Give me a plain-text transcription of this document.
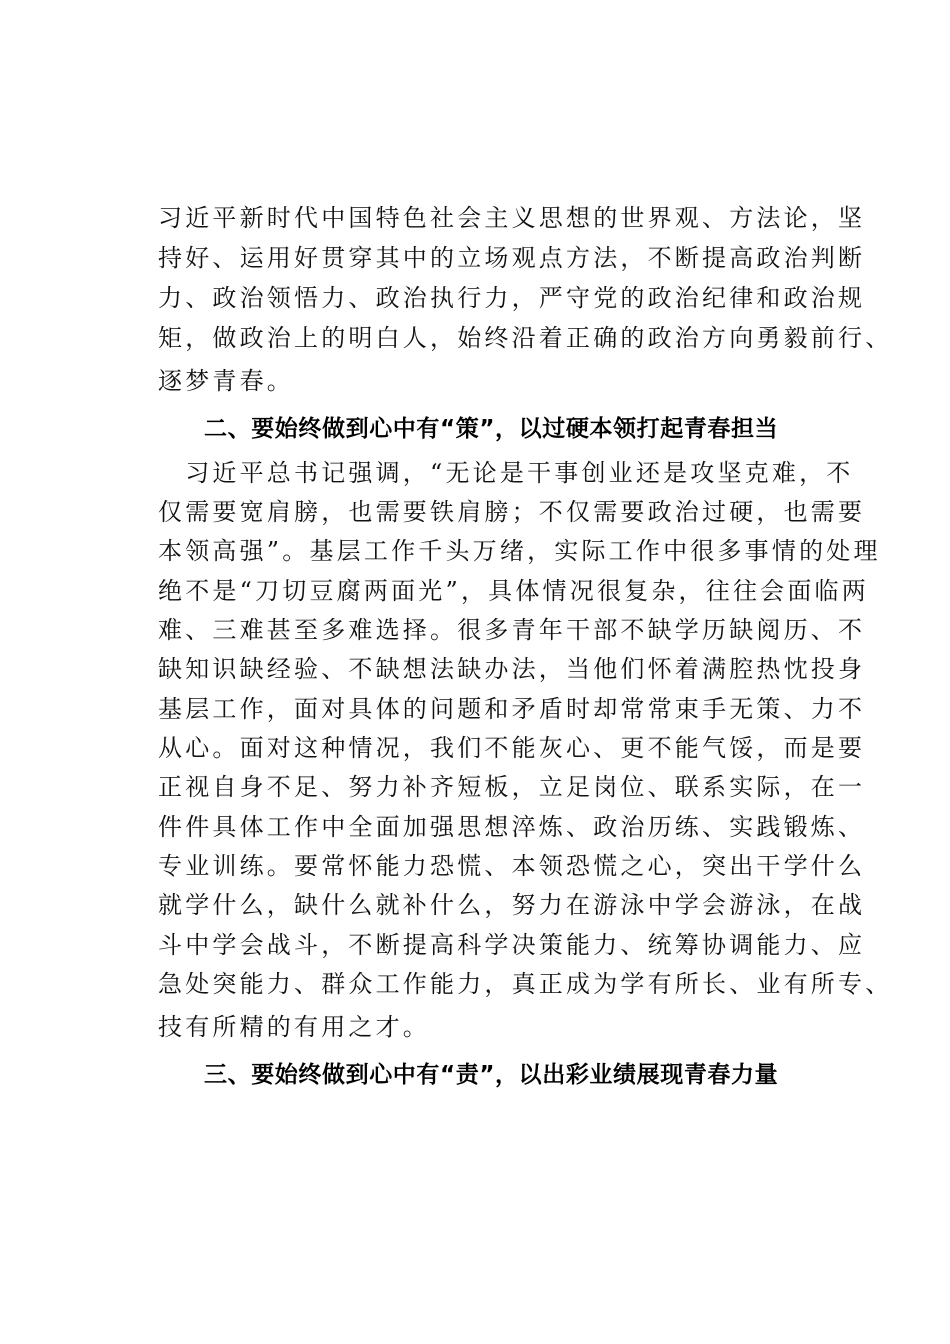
习近平新时代中国特色社会主义思想的世界观、方法论，坚
持好、运用好贯穿其中的立场观点方法，不断提高政治判断
力、政治领悟力、政治执行力，严守党的政治纪律和政治规
矩，做政治上的明白人，始终沿着正确的政治方向勇毅前行、
逐梦青春。
二、要始终做到心中有“策”，以过硬本领打起青春担当
　习近平总书记强调，“无论是干事创业还是攻坚克难，不
仅需要宽肩膀，也需要铁肩膀；不仅需要政治过硬，也需要
本领高强”。基层工作千头万绪，实际工作中很多事情的处理
绝不是“刀切豆腐两面光”，具体情况很复杂，往往会面临两
难、三难甚至多难选择。很多青年干部不缺学历缺阅历、不
缺知识缺经验、不缺想法缺办法，当他们怀着满腔热忱投身
基层工作，面对具体的问题和矛盾时却常常束手无策、力不
从心。面对这种情况，我们不能灰心、更不能气馁，而是要
正视自身不足、努力补齐短板，立足岗位、联系实际，在一
件件具体工作中全面加强思想淬炼、政治历练、实践锻炼、
专业训练。要常怀能力恐慌、本领恐慌之心，突出干学什么
就学什么，缺什么就补什么，努力在游泳中学会游泳，在战
斗中学会战斗，不断提高科学决策能力、统筹协调能力、应
急处突能力、群众工作能力，真正成为学有所长、业有所专、
技有所精的有用之才。
三、要始终做到心中有“责”，以出彩业绩展现青春力量
